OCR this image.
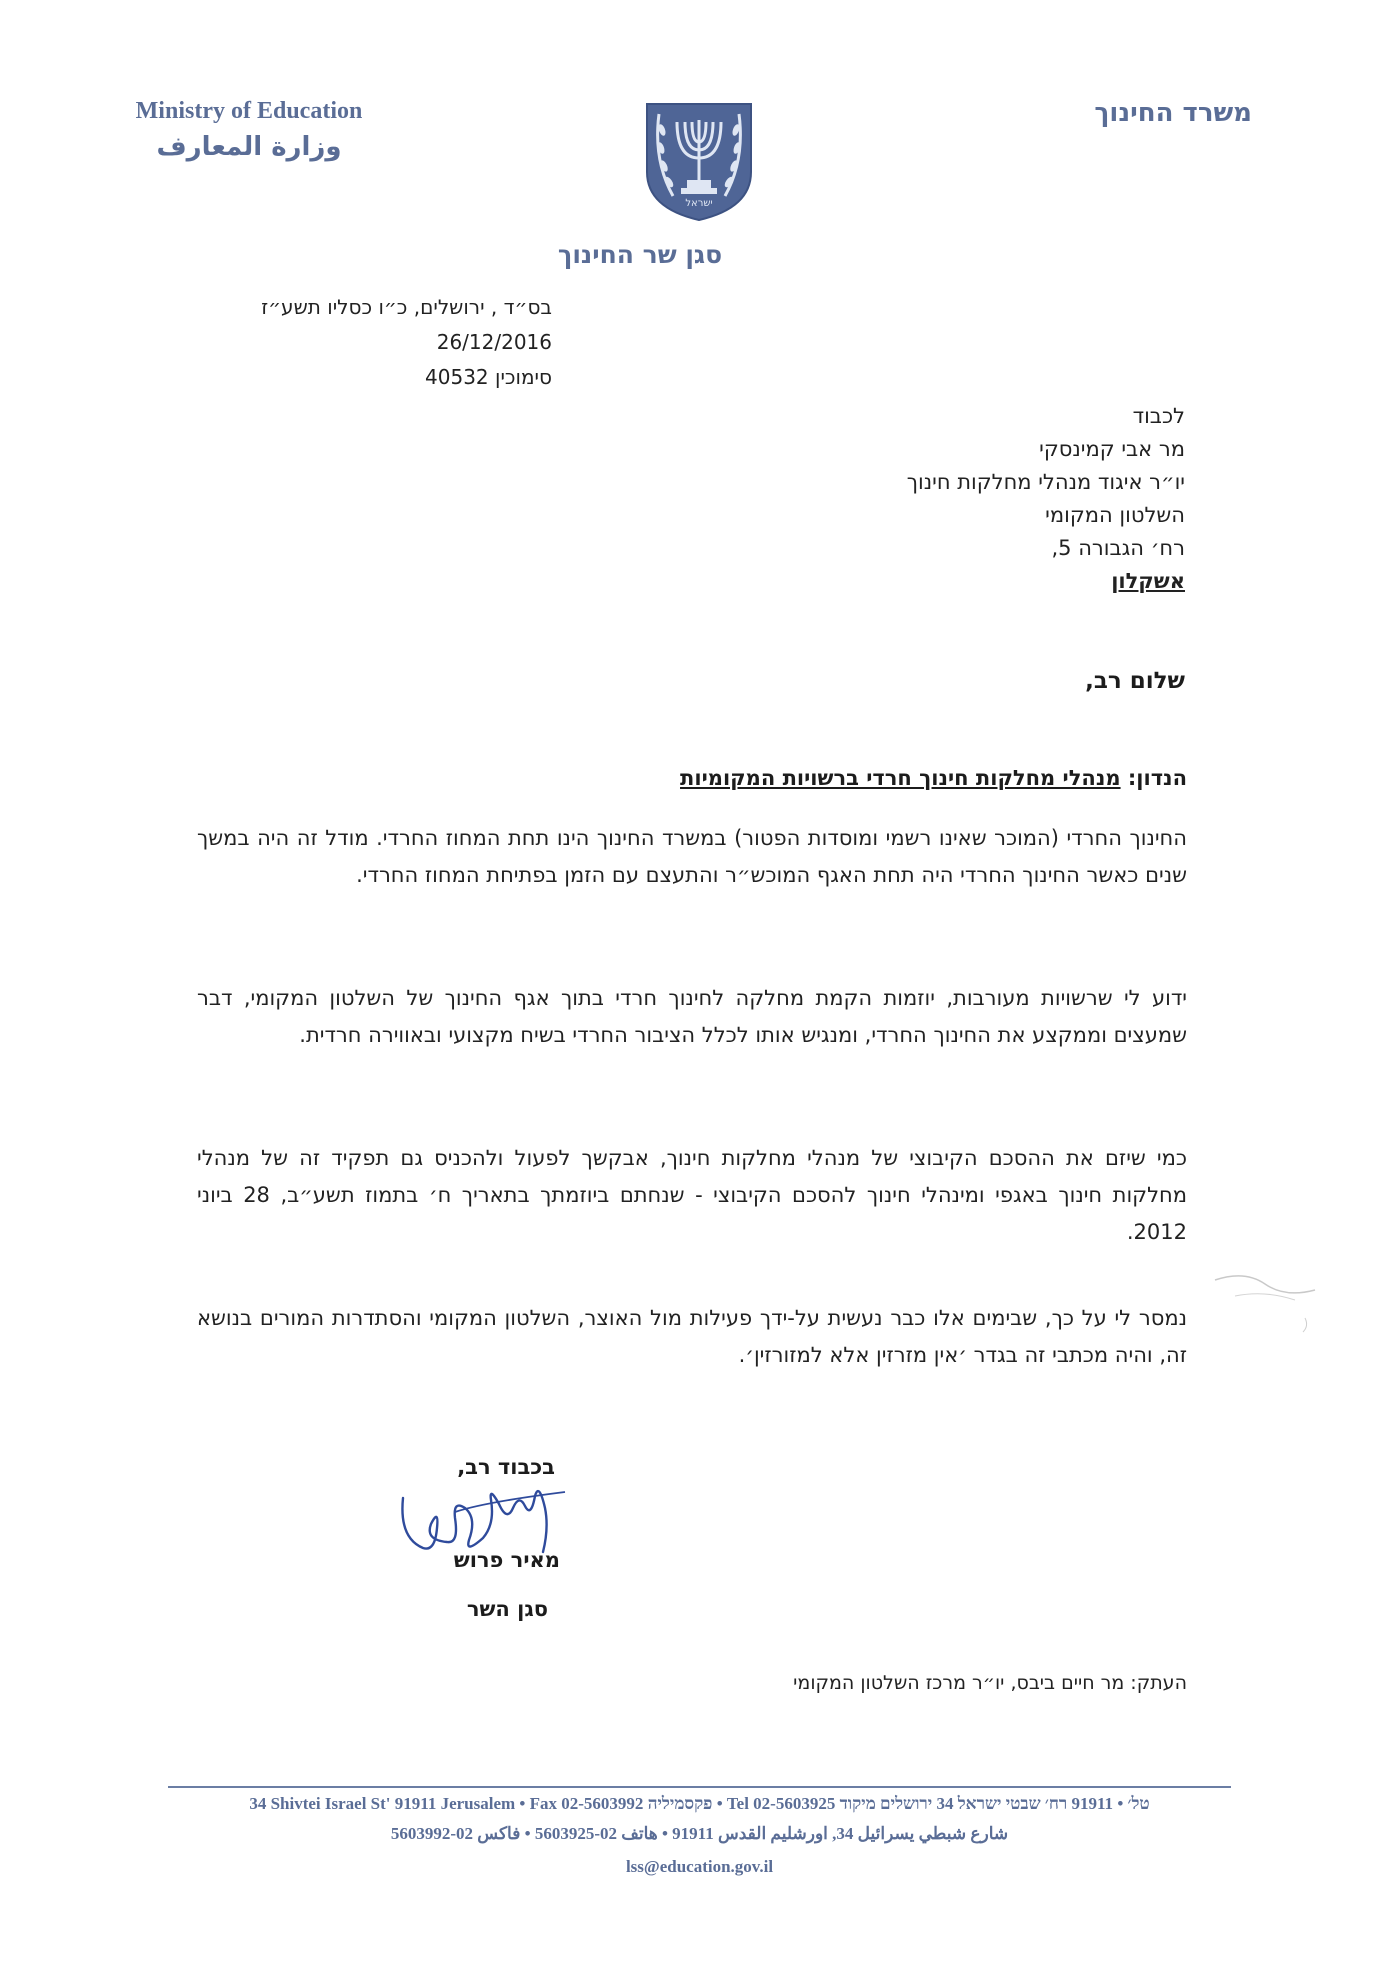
Ministry of Education
وزارة المعارف
משרד החינוך
ישראל
סגן שר החינוך
בס״ד , ירושלים, כ״ו כסליו תשע״ז
26/12/2016
סימוכין 40532
לכבוד
מר אבי קמינסקי
יו״ר איגוד מנהלי מחלקות חינוך
השלטון המקומי
רח׳ הגבורה 5,
אשקלון
שלום רב,
הנדון: מנהלי מחלקות חינוך חרדי ברשויות המקומיות
החינוך החרדי (המוכר שאינו רשמי ומוסדות הפטור) במשרד החינוך הינו תחת המחוז החרדי. מודל זה היה במשך שנים כאשר החינוך החרדי היה תחת האגף המוכש״ר והתעצם עם הזמן בפתיחת המחוז החרדי.
ידוע לי שרשויות מעורבות, יוזמות הקמת מחלקה לחינוך חרדי בתוך אגף החינוך של השלטון המקומי, דבר שמעצים וממקצע את החינוך החרדי, ומנגיש אותו לכלל הציבור החרדי בשיח מקצועי ובאווירה חרדית.
כמי שיזם את ההסכם הקיבוצי של מנהלי מחלקות חינוך, אבקשך לפעול ולהכניס גם תפקיד זה של מנהלי מחלקות חינוך באגפי ומינהלי חינוך להסכם הקיבוצי - שנחתם ביוזמתך בתאריך ח׳ בתמוז תשע״ב, 28 ביוני 2012.
נמסר לי על כך, שבימים אלו כבר נעשית על-ידך פעילות מול האוצר, השלטון המקומי והסתדרות המורים בנושא זה, והיה מכתבי זה בגדר ׳אין מזרזין אלא למזורזין׳.
בכבוד רב,
מאיר פרוש
סגן השר
העתק: מר חיים ביבס, יו״ר מרכז השלטון המקומי
34 Shivtei Israel St' 91911 Jerusalem • Fax 02-5603992 פקסמיליה • Tel 02-5603925 טל׳ • 91911 רח׳ שבטי ישראל 34 ירושלים מיקוד
شارع شبطي يسرائيل 34, اورشليم القدس 91911 • هاتف 02-5603925 • فاكس 02-5603992
lss@education.gov.il
